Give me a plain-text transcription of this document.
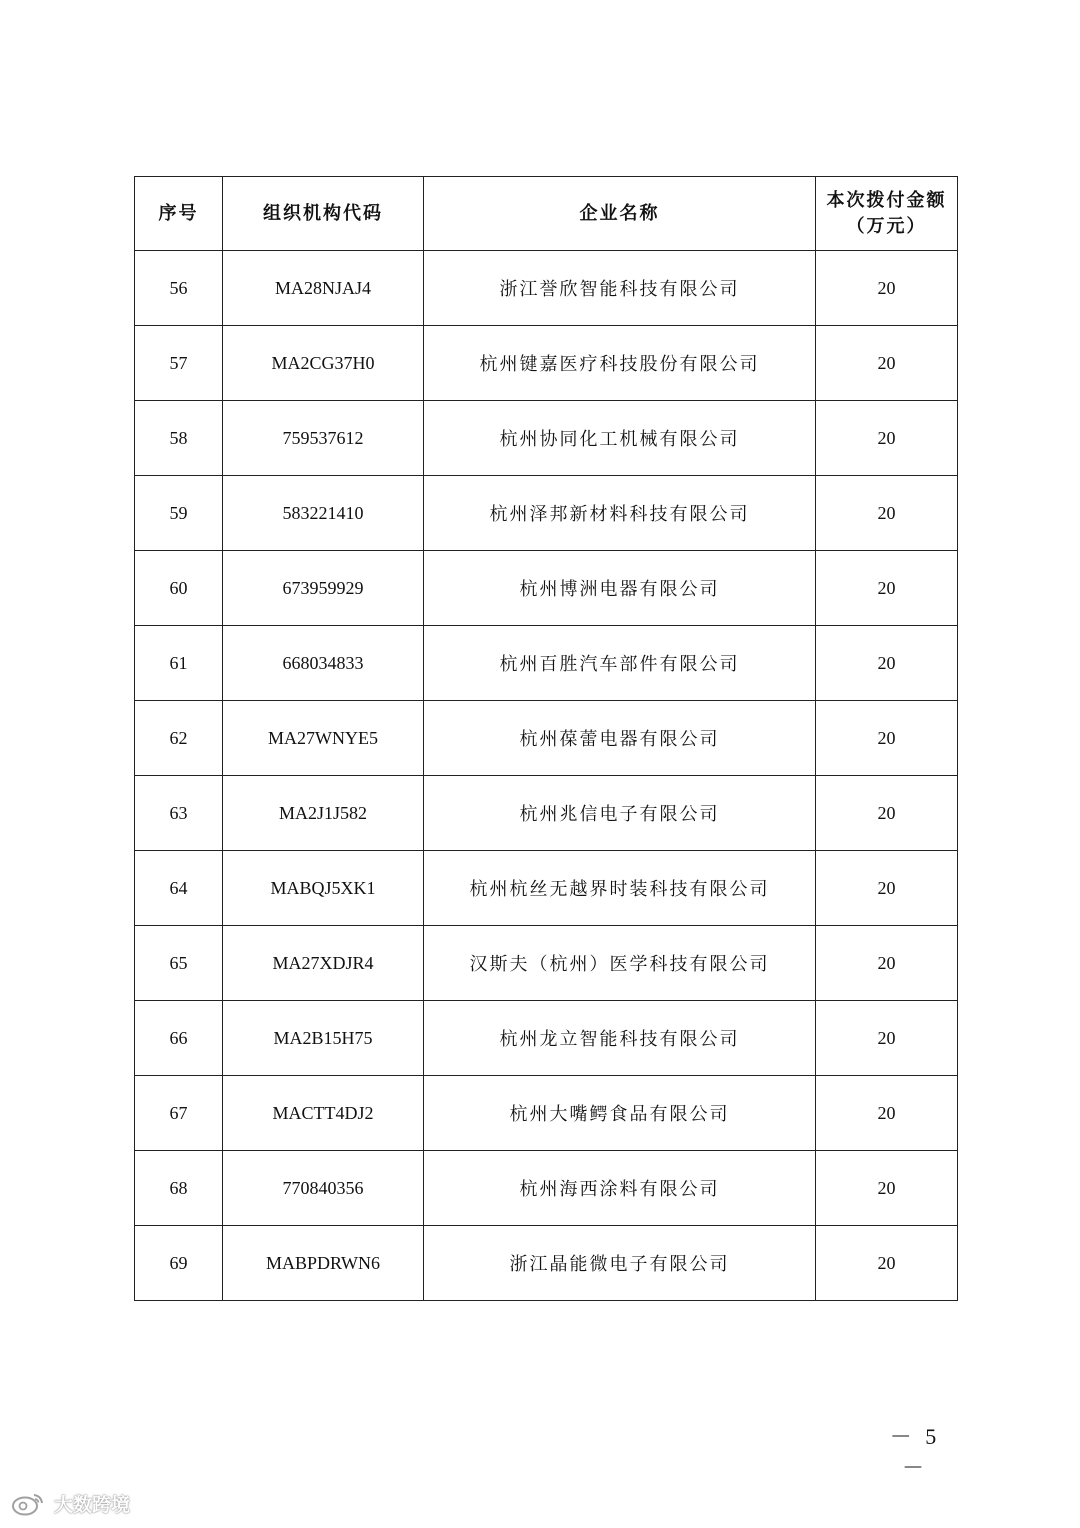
序号	组织机构代码	企业名称	本次拨付金额
（万元）

56	MA28NJAJ4	浙江誉欣智能科技有限公司	20
57	MA2CG37H0	杭州键嘉医疗科技股份有限公司	20
58	759537612	杭州协同化工机械有限公司	20
59	583221410	杭州泽邦新材料科技有限公司	20
60	673959929	杭州博洲电器有限公司	20
61	668034833	杭州百胜汽车部件有限公司	20
62	MA27WNYE5	杭州葆蕾电器有限公司	20
63	MA2J1J582	杭州兆信电子有限公司	20
64	MABQJ5XK1	杭州杭丝无越界时装科技有限公司	20
65	MA27XDJR4	汉斯夫（杭州）医学科技有限公司	20
66	MA2B15H75	杭州龙立智能科技有限公司	20
67	MACTT4DJ2	杭州大嘴鳄食品有限公司	20
68	770840356	杭州海西涂料有限公司	20
69	MABPDRWN6	浙江晶能微电子有限公司	20
－ 5 －
大数跨境
